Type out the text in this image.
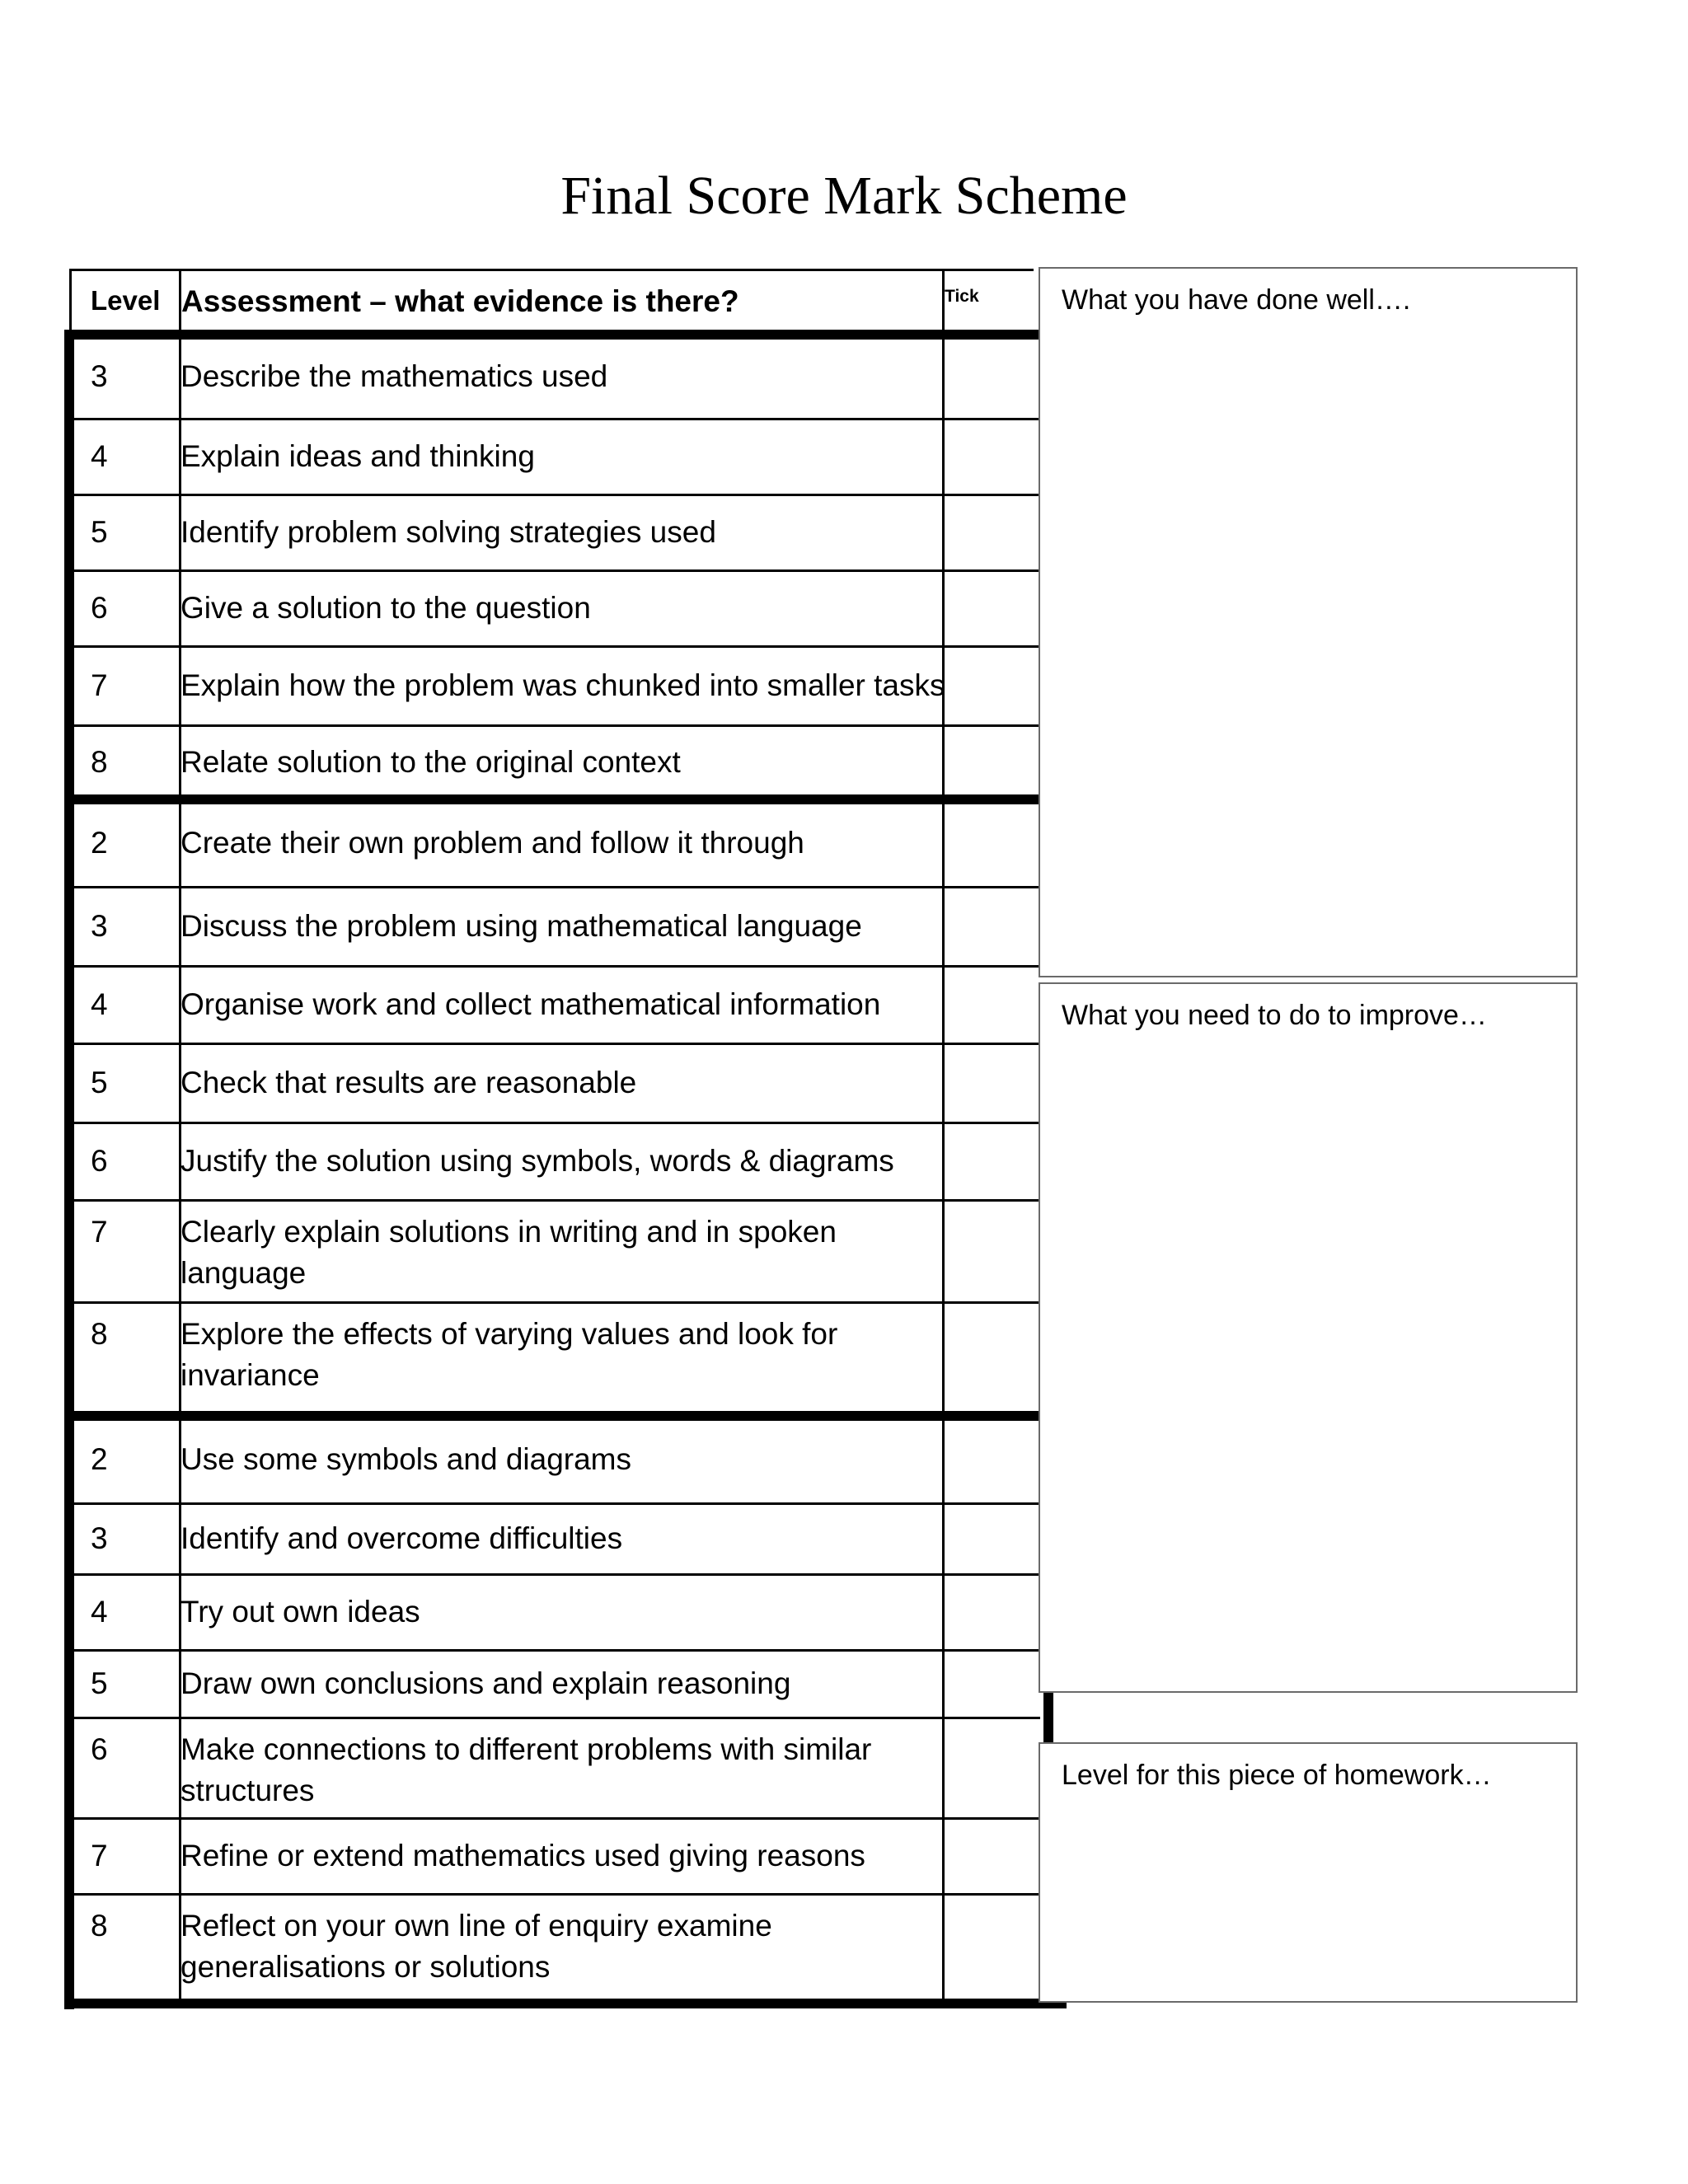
Final Score Mark Scheme
Level Assessment – what evidence is there?	Tick
3 Describe the mathematics used
4 Explain ideas and thinking
5 Identify problem solving strategies used
6 Give a solution to the question
7 Explain how the problem was chunked into smaller tasks
8 Relate solution to the original context
2 Create their own problem and follow it through
3 Discuss the problem using mathematical language
4 Organise work and collect mathematical information
5 Check that results are reasonable
6 Justify the solution using symbols, words & diagrams
7 Clearly explain solutions in writing and in spoken
language
8 Explore the effects of varying values and look for
invariance
2 Use some symbols and diagrams
3 Identify and overcome difficulties
4 Try out own ideas
5 Draw own conclusions and explain reasoning
6 Make connections to different problems with similar
structures
7 Refine or extend mathematics used giving reasons
8 Reflect on your own line of enquiry examine
generalisations or solutions
What you have done well….
What you need to do to improve…
Level for this piece of homework…
